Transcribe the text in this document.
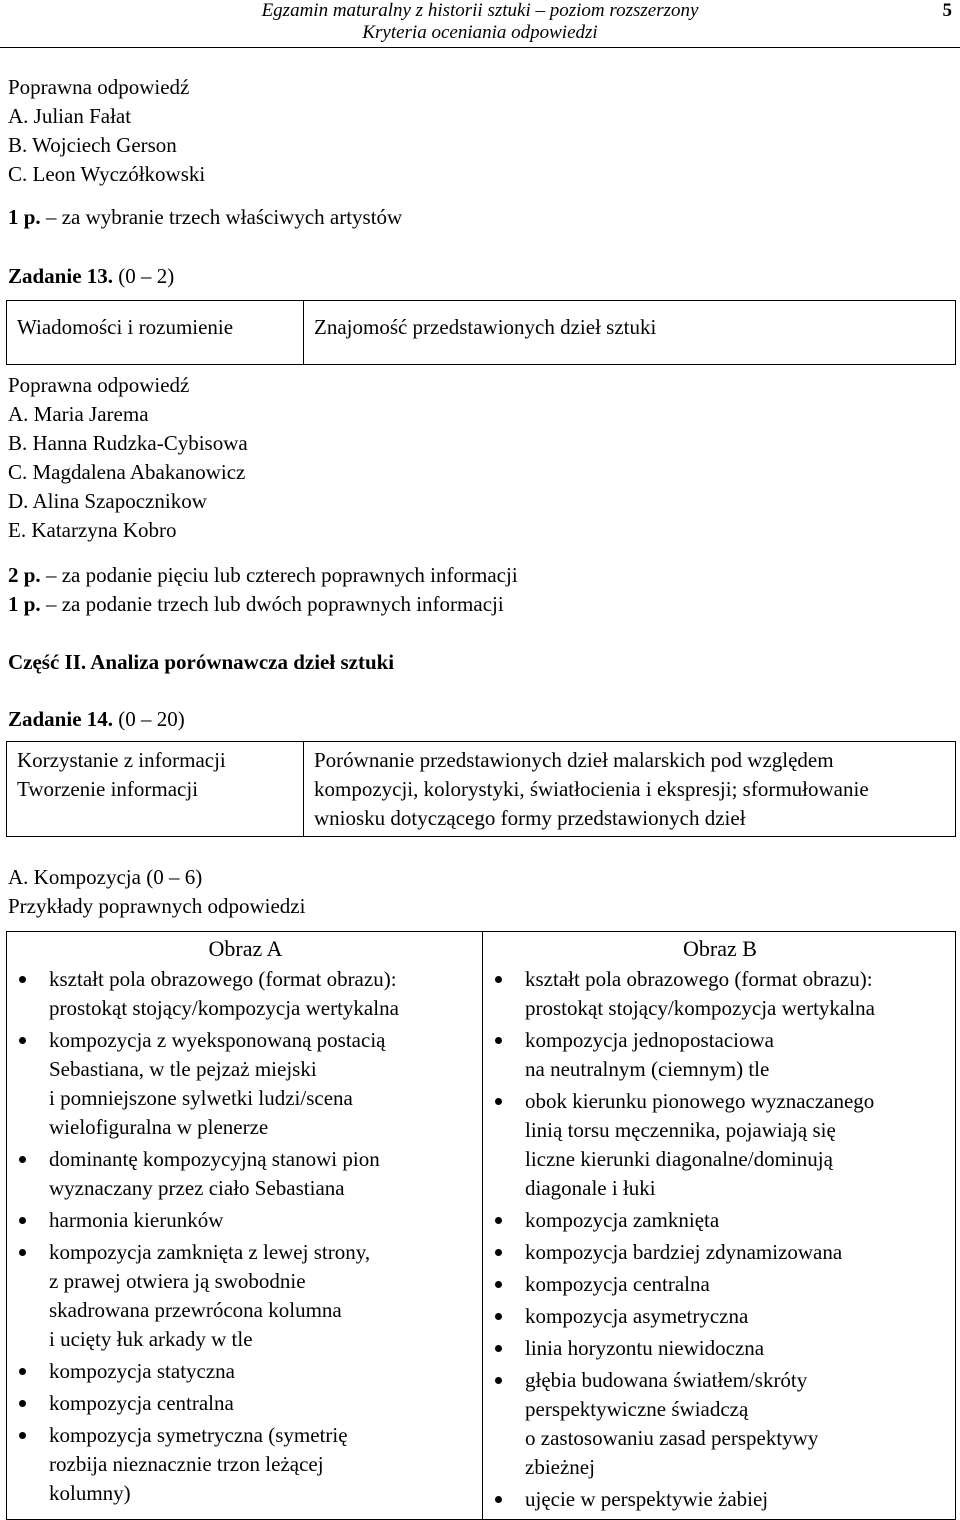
Egzamin maturalny z historii sztuki – poziom rozszerzony
Kryteria oceniania odpowiedzi
5
Poprawna odpowiedź
A. Julian Fałat
B. Wojciech Gerson
C. Leon Wyczółkowski
1 p. – za wybranie trzech właściwych artystów
Zadanie 13. (0 – 2)
Wiadomości i rozumienie	Znajomość przedstawionych dzieł sztuki
Poprawna odpowiedź
A. Maria Jarema
B. Hanna Rudzka-Cybisowa
C. Magdalena Abakanowicz
D. Alina Szapocznikow
E. Katarzyna Kobro
2 p. – za podanie pięciu lub czterech poprawnych informacji
1 p. – za podanie trzech lub dwóch poprawnych informacji
Część II. Analiza porównawcza dzieł sztuki
Zadanie 14. (0 – 20)
Korzystanie z informacji
Tworzenie informacji	Porównanie przedstawionych dzieł malarskich pod względem
kompozycji, kolorystyki, światłocienia i ekspresji; sformułowanie
wniosku dotyczącego formy przedstawionych dzieł
A. Kompozycja (0 – 6)
Przykłady poprawnych odpowiedzi
Obraz A
kształt pola obrazowego (format obrazu):
prostokąt stojący/kompozycja wertykalna
kompozycja z wyeksponowaną postacią
Sebastiana, w tle pejzaż miejski
i pomniejszone sylwetki ludzi/scena
wielofiguralna w plenerze
dominantę kompozycyjną stanowi pion
wyznaczany przez ciało Sebastiana
harmonia kierunków
kompozycja zamknięta z lewej strony,
z prawej otwiera ją swobodnie
skadrowana przewrócona kolumna
i ucięty łuk arkady w tle
kompozycja statyczna
kompozycja centralna
kompozycja symetryczna (symetrię
rozbija nieznacznie trzon leżącej
kolumny)

Obraz B
kształt pola obrazowego (format obrazu):
prostokąt stojący/kompozycja wertykalna
kompozycja jednopostaciowa
na neutralnym (ciemnym) tle
obok kierunku pionowego wyznaczanego
linią torsu męczennika, pojawiają się
liczne kierunki diagonalne/dominują
diagonale i łuki
kompozycja zamknięta
kompozycja bardziej zdynamizowana
kompozycja centralna
kompozycja asymetryczna
linia horyzontu niewidoczna
głębia budowana światłem/skróty
perspektywiczne świadczą
o zastosowaniu zasad perspektywy
zbieżnej
ujęcie w perspektywie żabiej
